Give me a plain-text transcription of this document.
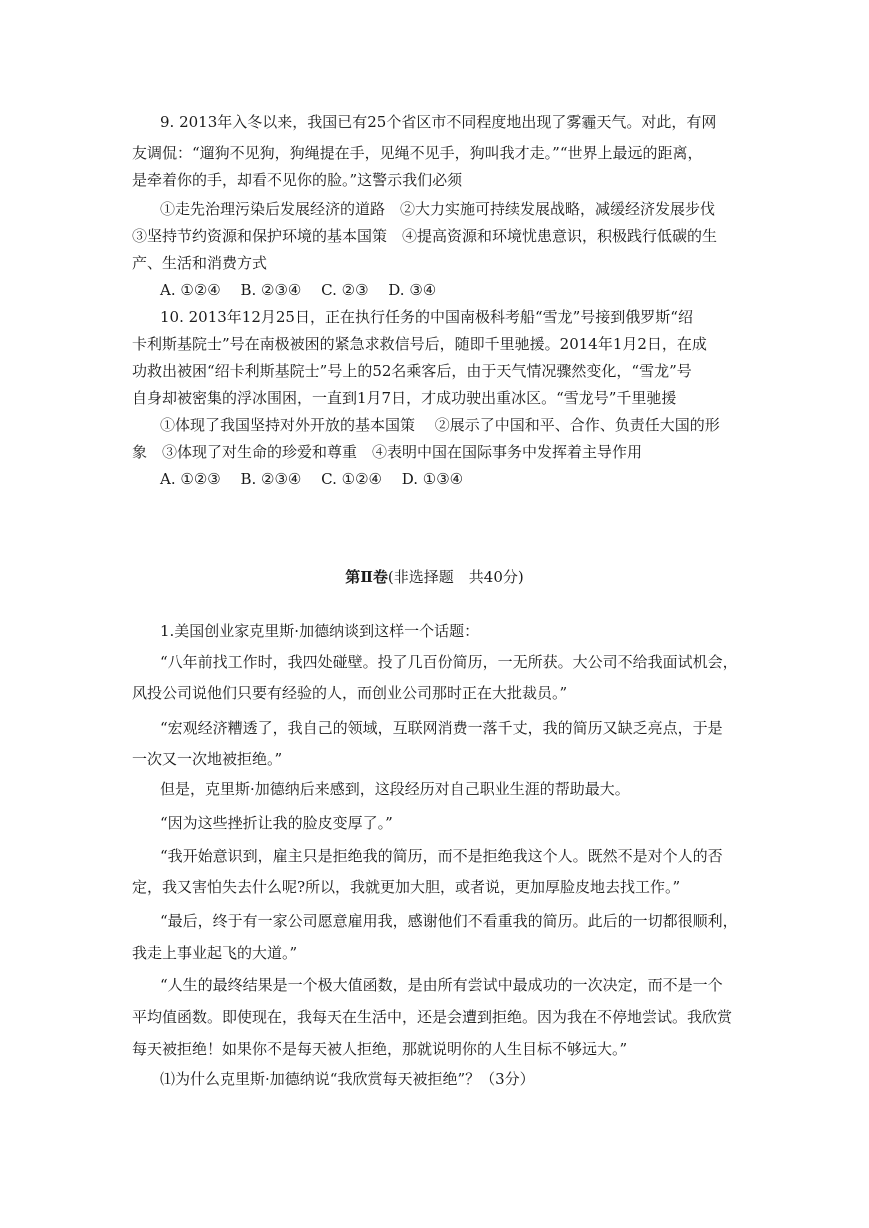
9. 2013年入冬以来，我国已有25个省区市不同程度地出现了雾霾天气。对此，有网

友调侃：“遛狗不见狗，狗绳提在手，见绳不见手，狗叫我才走。”“世界上最远的距离，

是牵着你的手，却看不见你的脸。”这警示我们必须

①走先治理污染后发展经济的道路　②大力实施可持续发展战略，减缓经济发展步伐

③坚持节约资源和保护环境的基本国策　④提高资源和环境忧患意识，积极践行低碳的生

产、生活和消费方式

A. ①②④　 B. ②③④　 C. ②③　 D. ③④

10. 2013年12月25日，正在执行任务的中国南极科考船“雪龙”号接到俄罗斯“绍

卡利斯基院士”号在南极被困的紧急求救信号后，随即千里驰援。2014年1月2日，在成

功救出被困“绍卡利斯基院士”号上的52名乘客后，由于天气情况骤然变化，“雪龙”号

自身却被密集的浮冰围困，一直到1月7日，才成功驶出重冰区。“雪龙号”千里驰援

①体现了我国坚持对外开放的基本国策　 ②展示了中国和平、合作、负责任大国的形

象　③体现了对生命的珍爱和尊重　④表明中国在国际事务中发挥着主导作用

A. ①②③　 B. ②③④　 C. ①②④　 D. ①③④

第Ⅱ卷(非选择题　共40分)

1.美国创业家克里斯·加德纳谈到这样一个话题：

“八年前找工作时，我四处碰壁。投了几百份简历，一无所获。大公司不给我面试机会，

风投公司说他们只要有经验的人，而创业公司那时正在大批裁员。”

“宏观经济糟透了，我自己的领域，互联网消费一落千丈，我的简历又缺乏亮点，于是

一次又一次地被拒绝。”

但是，克里斯·加德纳后来感到，这段经历对自己职业生涯的帮助最大。

“因为这些挫折让我的脸皮变厚了。”

“我开始意识到，雇主只是拒绝我的简历，而不是拒绝我这个人。既然不是对个人的否

定，我又害怕失去什么呢?所以，我就更加大胆，或者说，更加厚脸皮地去找工作。”

“最后，终于有一家公司愿意雇用我，感谢他们不看重我的简历。此后的一切都很顺利，

我走上事业起飞的大道。”

“人生的最终结果是一个极大值函数，是由所有尝试中最成功的一次决定，而不是一个

平均值函数。即使现在，我每天在生活中，还是会遭到拒绝。因为我在不停地尝试。我欣赏

每天被拒绝！如果你不是每天被人拒绝，那就说明你的人生目标不够远大。”

⑴为什么克里斯·加德纳说“我欣赏每天被拒绝”？（3分）
